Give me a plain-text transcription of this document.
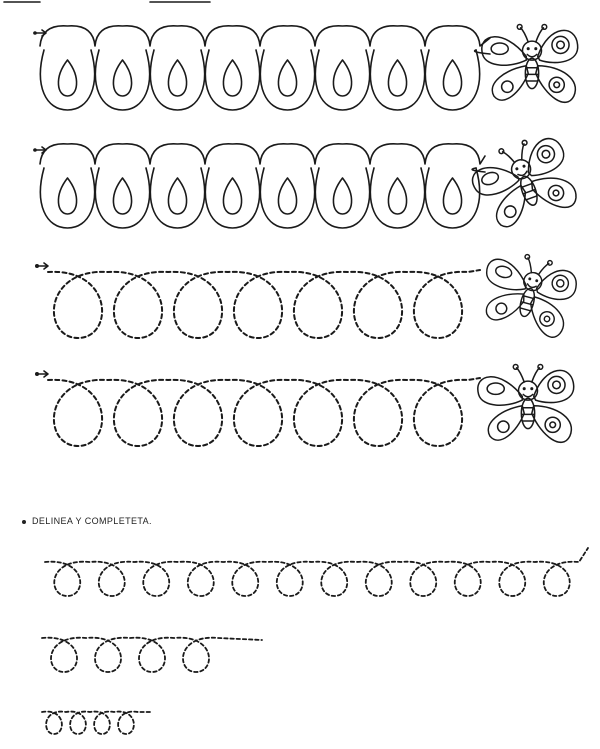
DELINEA Y COMPLETETA.
